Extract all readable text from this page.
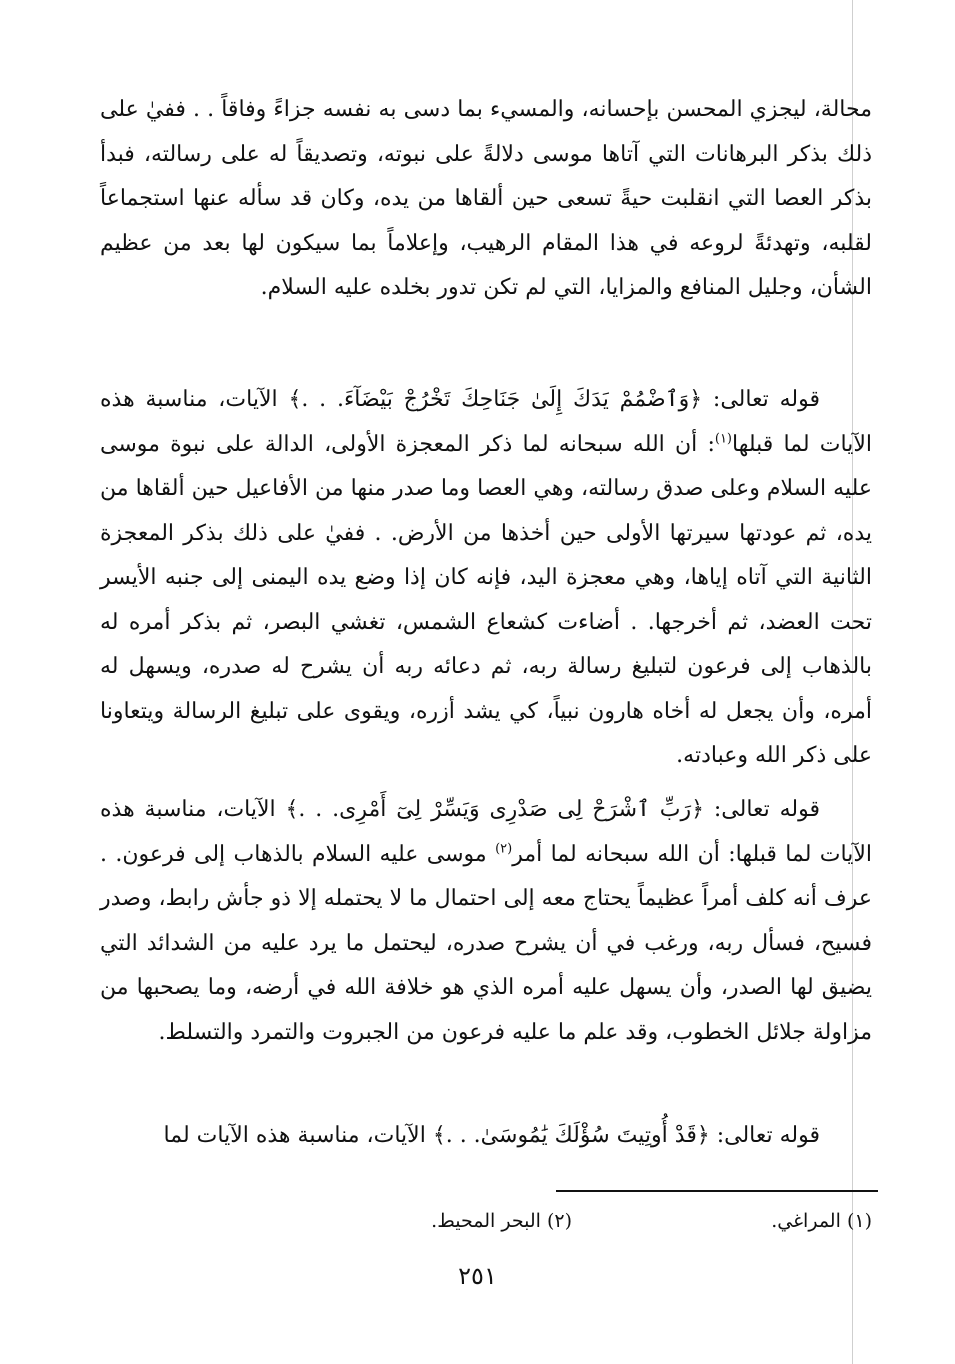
محالة، ليجزي المحسن بإحسانه، والمسيء بما دسى به نفسه جزاءً وفاقاً . . ففيٰ على ذلك بذكر البرهانات التي آتاها موسى دلالةً على نبوته، وتصديقاً له على رسالته، فبدأ بذكر العصا التي انقلبت حيةً تسعى حين ألقاها من يده، وكان قد سأله عنها استجماعاً لقلبه، وتهدئةً لروعه في هذا المقام الرهيب، وإعلاماً بما سيكون لها بعد من عظيم الشأن، وجليل المنافع والمزايا، التي لم تكن تدور بخلده عليه السلام.

قوله تعالى: ﴿وَٱضْمُمْ يَدَكَ إِلَىٰ جَنَاحِكَ تَخْرُجْ بَيْضَآءَ. . .﴾ الآيات، مناسبة هذه الآيات لما قبلها$^{(١)}$: أن الله سبحانه لما ذكر المعجزة الأولى، الدالة على نبوة موسى عليه السلام وعلى صدق رسالته، وهي العصا وما صدر منها من الأفاعيل حين ألقاها من يده، ثم عودتها سيرتها الأولى حين أخذها من الأرض. . ففيٰ على ذلك بذكر المعجزة الثانية التي آتاه إياها، وهي معجزة اليد، فإنه كان إذا وضع يده اليمنى إلى جنبه الأيسر تحت العضد، ثم أخرجها. . أضاءت كشعاع الشمس، تغشي البصر، ثم بذكر أمره له بالذهاب إلى فرعون لتبليغ رسالة ربه، ثم دعائه ربه أن يشرح له صدره، ويسهل له أمره، وأن يجعل له أخاه هارون نبياً، كي يشد أزره، ويقوى على تبليغ الرسالة ويتعاونا على ذكر الله وعبادته.

قوله تعالى: ﴿رَبِّ ٱشْرَحْ لِى صَدْرِى وَيَسِّرْ لِىٓ أَمْرِى. . .﴾ الآيات، مناسبة هذه الآيات لما قبلها: أن الله سبحانه لما أمر$^{(٢)}$ موسى عليه السلام بالذهاب إلى فرعون. . عرف أنه كلف أمراً عظيماً يحتاج معه إلى احتمال ما لا يحتمله إلا ذو جأش رابط، وصدر فسيح، فسأل ربه، ورغب في أن يشرح صدره، ليحتمل ما يرد عليه من الشدائد التي يضيق لها الصدر، وأن يسهل عليه أمره الذي هو خلافة الله في أرضه، وما يصحبها من مزاولة جلائل الخطوب، وقد علم ما عليه فرعون من الجبروت والتمرد والتسلط.

قوله تعالى: ﴿قَدْ أُوتِيتَ سُؤْلَكَ يَٰمُوسَىٰ. . .﴾ الآيات، مناسبة هذه الآيات لما

(١) المراغي.
(٢) البحر المحيط.
٢٥١
